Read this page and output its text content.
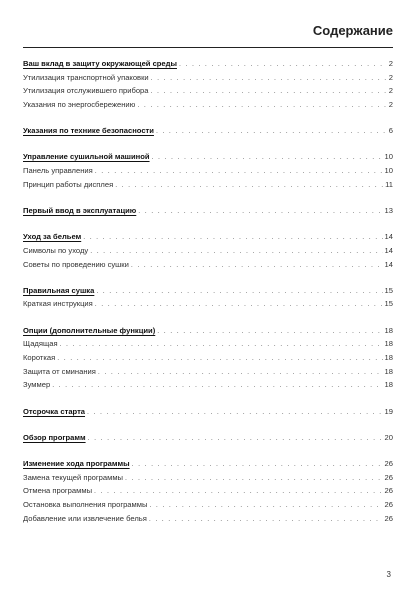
Содержание
Ваш вклад в защиту окружающей среды . . .	2
Утилизация транспортной упаковки . . .	2
Утилизация отслужившего прибора . . .	2
Указания по энергосбережению . . .	2
Указания по технике безопасности . . .	6
Управление сушильной машиной . . .	10
Панель управления . . .	10
Принцип работы дисплея . . .	11
Первый ввод в эксплуатацию . . .	13
Уход за бельем . . .	14
Символы по уходу . . .	14
Советы по проведению сушки . . .	14
Правильная сушка . . .	15
Краткая инструкция . . .	15
Опции (дополнительные функции) . . .	18
Щадящая . . .	18
Короткая . . .	18
Защита от сминания . . .	18
Зуммер . . .	18
Отсрочка старта . . .	19
Обзор программ . . .	20
Изменение хода программы . . .	26
Замена текущей программы . . .	26
Отмена программы . . .	26
Остановка выполнения программы . . .	26
Добавление или извлечение белья . . .	26
3
